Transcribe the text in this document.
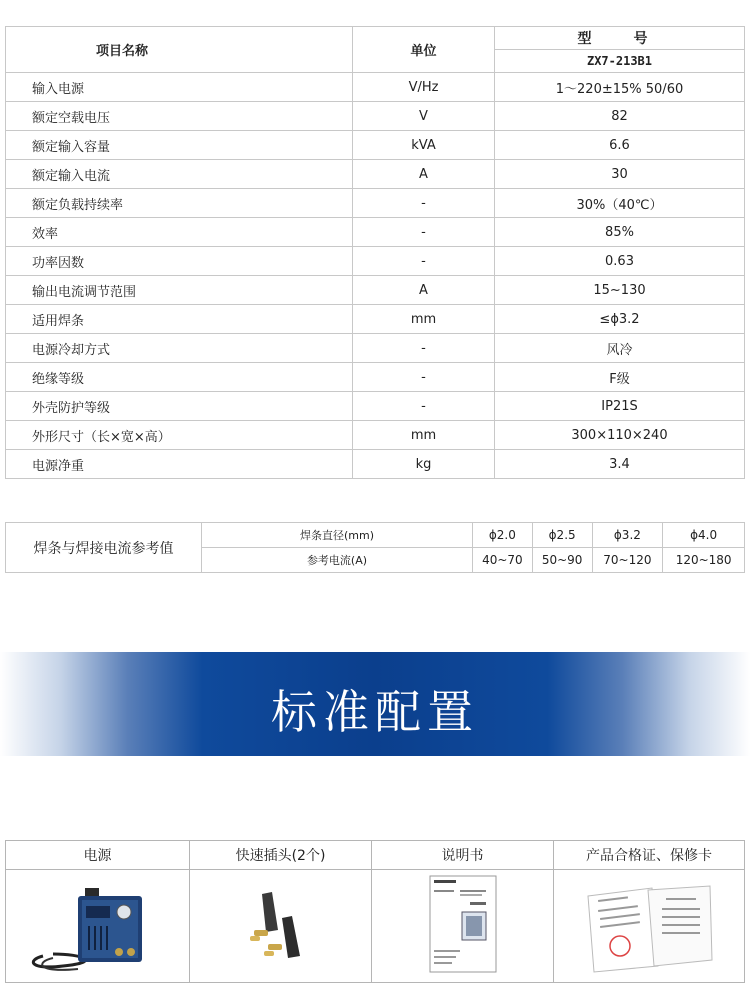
项目名称	单位	型　号
		ZX7-213B1
输入电源	V/Hz	1～220±15% 50/60
额定空载电压	V	82
额定输入容量	kVA	6.6
额定输入电流	A	30
额定负载持续率	-	30%（40℃）
效率	-	85%
功率因数	-	0.63
输出电流调节范围	A	15~130
适用焊条	mm	≤ϕ3.2
电源冷却方式	-	风冷
绝缘等级	-	F级
外壳防护等级	-	IP21S
外形尺寸（长×宽×高）	mm	300×110×240
电源净重	kg	3.4
焊条与焊接电流参考值	焊条直径(mm)	ϕ2.0	ϕ2.5	ϕ3.2	ϕ4.0
	参考电流(A)	40~70	50~90	70~120	120~180
标准配置
电源	快速插头(2个)	说明书	产品合格证、保修卡
